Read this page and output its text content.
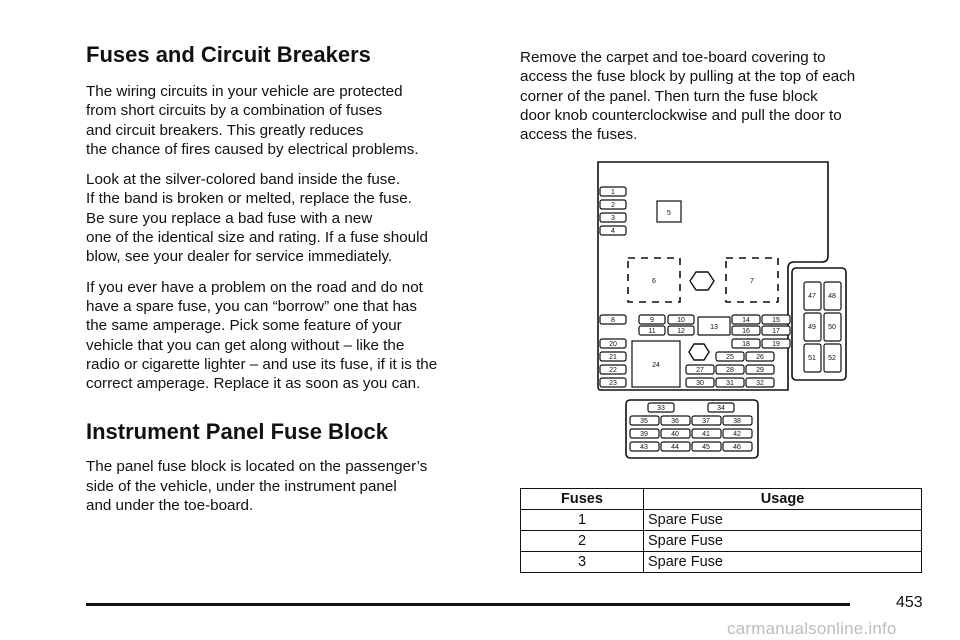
Fuses and Circuit Breakers

The wiring circuits in your vehicle are protected
from short circuits by a combination of fuses
and circuit breakers. This greatly reduces
the chance of fires caused by electrical problems.

Look at the silver-colored band inside the fuse.
If the band is broken or melted, replace the fuse.
Be sure you replace a bad fuse with a new
one of the identical size and rating. If a fuse should
blow, see your dealer for service immediately.

If you ever have a problem on the road and do not
have a spare fuse, you can “borrow” one that has
the same amperage. Pick some feature of your
vehicle that you can get along without – like the
radio or cigarette lighter – and use its fuse, if it is the
correct amperage. Replace it as soon as you can.

Instrument Panel Fuse Block

The panel fuse block is located on the passenger’s
side of the vehicle, under the instrument panel
and under the toe-board.

Remove the carpet and toe-board covering to
access the fuse block by pulling at the top of each
corner of the panel. Then turn the fuse block
door knob counterclockwise and pull the door to
access the fuses.

1
2
3
4
5
6	7
8	9	10
11	12
13
14	15
16	17
18	19
20
21
22
23
24
25	26
27	28	29
30	31	32
33	34
35	36	37	38
39	40	41	42
43	44	45	46
47 48
49 50
51 52
Fuses	Usage
1	Spare Fuse
2	Spare Fuse
3	Spare Fuse
453
carmanualsonline.info
